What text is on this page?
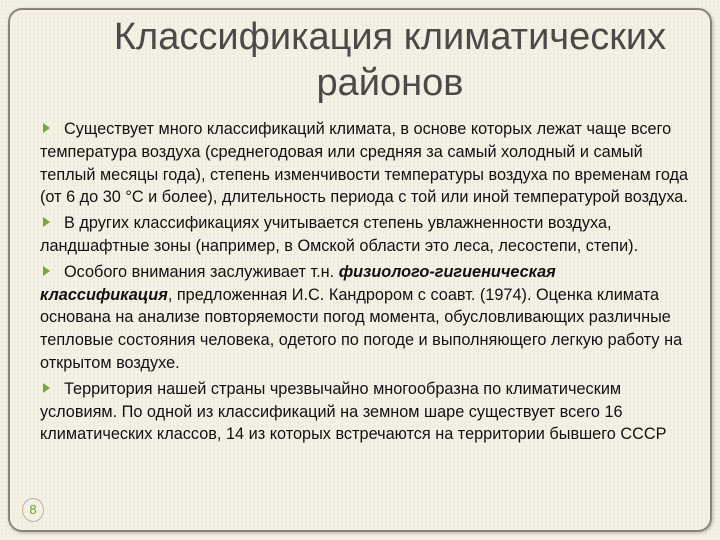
Классификация климатических
районов

Существует много классификаций климата, в основе которых лежат чаще всего температура воздуха (среднегодовая или средняя за самый холодный и самый теплый месяцы года), степень изменчивости температуры воздуха по временам года (от 6 до 30 °С и более), длительность периода с той или иной температурой воздуха.

В других классификациях учитывается степень увлажненности воздуха, ландшафтные зоны (например, в Омской области это леса, лесостепи, степи).

Особого внимания заслуживает т.н. физиолого-гигиеническая классификация, предложенная И.С. Кандрором с соавт. (1974). Оценка климата основана на анализе повторяемости погод момента, обусловливающих различные тепловые состояния человека, одетого по погоде и выполняющего легкую работу на открытом воздухе.

Территория нашей страны чрезвычайно многообразна по климатическим условиям. По одной из классификаций на земном шаре существует всего 16 климатических классов, 14 из которых встречаются на территории бывшего СССР

8
